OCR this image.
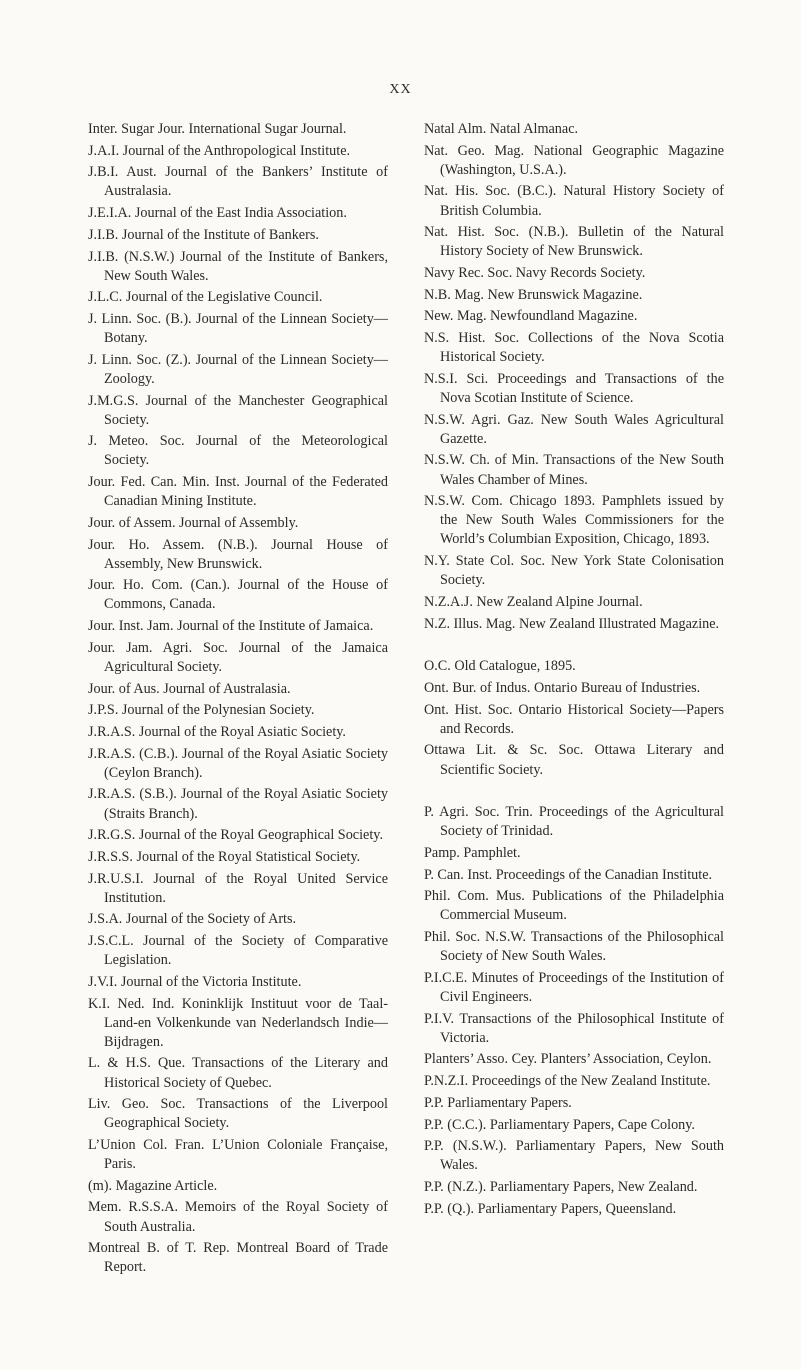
XX

Inter. Sugar Jour. International Sugar Journal.

J.A.I. Journal of the Anthropological Institute.

J.B.I. Aust. Journal of the Bankers’ Institute of Australasia.

J.E.I.A. Journal of the East India Association.

J.I.B. Journal of the Institute of Bankers.

J.I.B. (N.S.W.) Journal of the Institute of Bankers, New South Wales.

J.L.C. Journal of the Legislative Council.

J. Linn. Soc. (B.). Journal of the Linnean Society—Botany.

J. Linn. Soc. (Z.). Journal of the Linnean Society—Zoology.

J.M.G.S. Journal of the Manchester Geographical Society.

J. Meteo. Soc. Journal of the Meteorological Society.

Jour. Fed. Can. Min. Inst. Journal of the Federated Canadian Mining Institute.

Jour. of Assem. Journal of Assembly.

Jour. Ho. Assem. (N.B.). Journal House of Assembly, New Brunswick.

Jour. Ho. Com. (Can.). Journal of the House of Commons, Canada.

Jour. Inst. Jam. Journal of the Institute of Jamaica.

Jour. Jam. Agri. Soc. Journal of the Jamaica Agricultural Society.

Jour. of Aus. Journal of Australasia.

J.P.S. Journal of the Polynesian Society.

J.R.A.S. Journal of the Royal Asiatic Society.

J.R.A.S. (C.B.). Journal of the Royal Asiatic Society (Ceylon Branch).

J.R.A.S. (S.B.). Journal of the Royal Asiatic Society (Straits Branch).

J.R.G.S. Journal of the Royal Geographical Society.

J.R.S.S. Journal of the Royal Statistical Society.

J.R.U.S.I. Journal of the Royal United Service Institution.

J.S.A. Journal of the Society of Arts.

J.S.C.L. Journal of the Society of Comparative Legislation.

J.V.I. Journal of the Victoria Institute.

K.I. Ned. Ind. Koninklijk Instituut voor de Taal-Land-en Volkenkunde van Nederlandsch Indie—Bijdragen.

L. & H.S. Que. Transactions of the Literary and Historical Society of Quebec.

Liv. Geo. Soc. Transactions of the Liverpool Geographical Society.

L’Union Col. Fran. L’Union Coloniale Française, Paris.

(m). Magazine Article.

Mem. R.S.S.A. Memoirs of the Royal Society of South Australia.

Montreal B. of T. Rep. Montreal Board of Trade Report.

Natal Alm. Natal Almanac.

Nat. Geo. Mag. National Geographic Magazine (Washington, U.S.A.).

Nat. His. Soc. (B.C.). Natural History Society of British Columbia.

Nat. Hist. Soc. (N.B.). Bulletin of the Natural History Society of New Brunswick.

Navy Rec. Soc. Navy Records Society.

N.B. Mag. New Brunswick Magazine.

New. Mag. Newfoundland Magazine.

N.S. Hist. Soc. Collections of the Nova Scotia Historical Society.

N.S.I. Sci. Proceedings and Transactions of the Nova Scotian Institute of Science.

N.S.W. Agri. Gaz. New South Wales Agricultural Gazette.

N.S.W. Ch. of Min. Transactions of the New South Wales Chamber of Mines.

N.S.W. Com. Chicago 1893. Pamphlets issued by the New South Wales Commissioners for the World’s Columbian Exposition, Chicago, 1893.

N.Y. State Col. Soc. New York State Colonisation Society.

N.Z.A.J. New Zealand Alpine Journal.

N.Z. Illus. Mag. New Zealand Illustrated Magazine.

O.C. Old Catalogue, 1895.

Ont. Bur. of Indus. Ontario Bureau of Industries.

Ont. Hist. Soc. Ontario Historical Society—Papers and Records.

Ottawa Lit. & Sc. Soc. Ottawa Literary and Scientific Society.

P. Agri. Soc. Trin. Proceedings of the Agricultural Society of Trinidad.

Pamp. Pamphlet.

P. Can. Inst. Proceedings of the Canadian Institute.

Phil. Com. Mus. Publications of the Philadelphia Commercial Museum.

Phil. Soc. N.S.W. Transactions of the Philosophical Society of New South Wales.

P.I.C.E. Minutes of Proceedings of the Institution of Civil Engineers.

P.I.V. Transactions of the Philosophical Institute of Victoria.

Planters’ Asso. Cey. Planters’ Association, Ceylon.

P.N.Z.I. Proceedings of the New Zealand Institute.

P.P. Parliamentary Papers.

P.P. (C.C.). Parliamentary Papers, Cape Colony.

P.P. (N.S.W.). Parliamentary Papers, New South Wales.

P.P. (N.Z.). Parliamentary Papers, New Zealand.

P.P. (Q.). Parliamentary Papers, Queensland.
